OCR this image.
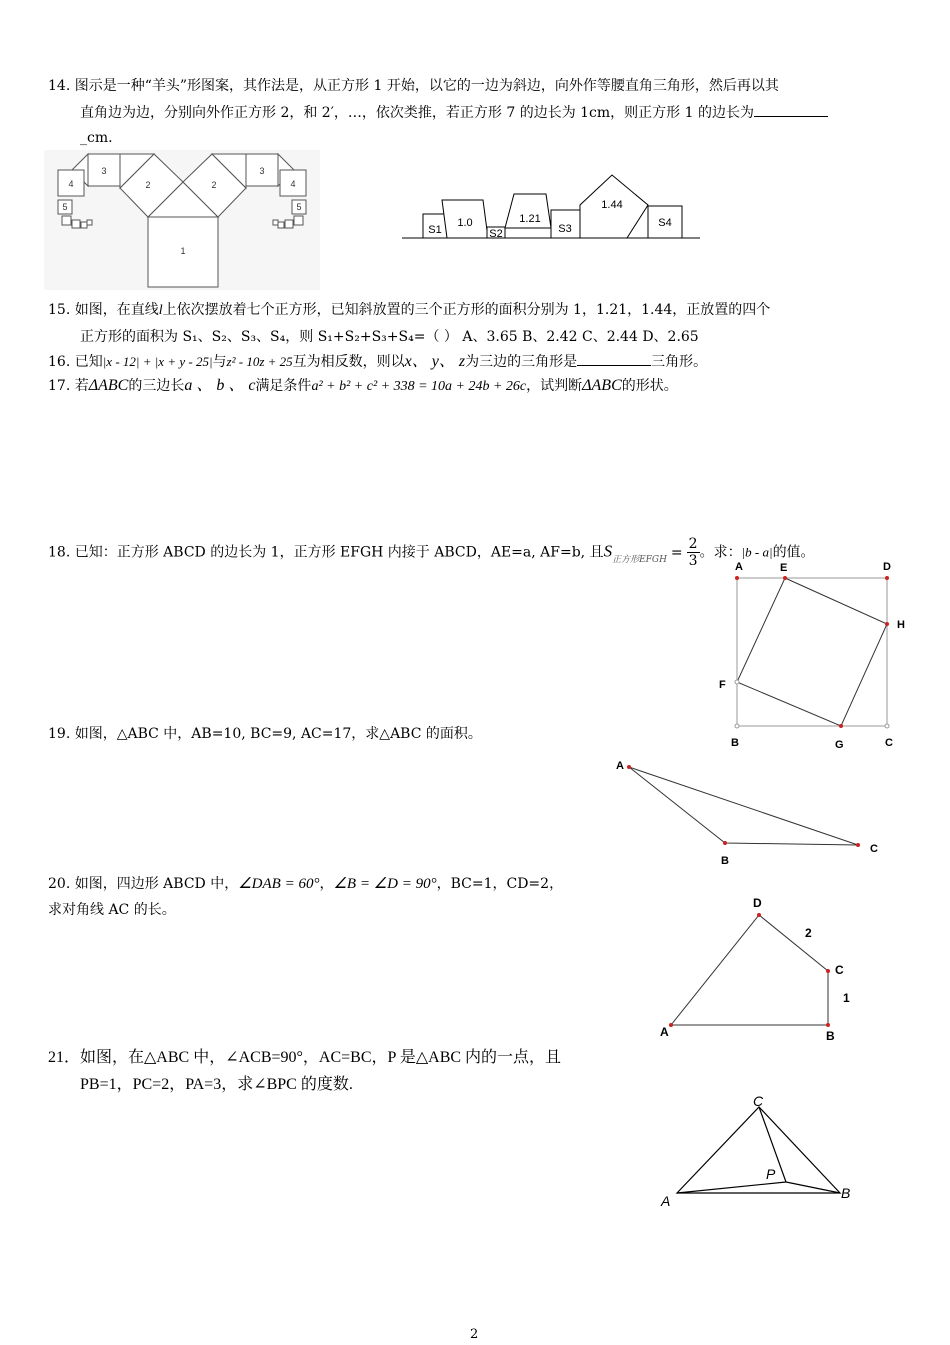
14. 图示是一种“羊头”形图案，其作法是，从正方形 1 开始，以它的一边为斜边，向外作等腰直角三角形，然后再以其
直角边为边，分别向外作正方形 2，和 2′，…，依次类推，若正方形 7 的边长为 1cm，则正方形 1 的边长为
_cm.
1
2	2
3	3
4	4
5	5
S1
1.0
S2
1.21
S3
1.44
S4
15. 如图，在直线l上依次摆放着七个正方形，已知斜放置的三个正方形的面积分别为 1，1.21，1.44，正放置的四个
正方形的面积为 S₁、S₂、S₃、S₄，则 S₁+S₂+S₃+S₄=（ ） A、3.65 B、2.42 C、2.44 D、2.65
16. 已知|x - 12| + |x + y - 25|与z² - 10z + 25互为相反数，则以x、 y、 z为三边的三角形是	三角形。
17. 若ΔABC的三边长a 、 b 、 c满足条件a² + b² + c² + 338 = 10a + 24b + 26c，试判断ΔABC的形状。
18. 已知：正方形 ABCD 的边长为 1，正方形 EFGH 内接于 ABCD，AE=a, AF=b, 且$S_{正方形EFGH} = \frac{2}{3}$ 。求：|b - a|的值。
A	E	D
H
F
B	G	C
19. 如图，△ABC 中，AB=10, BC=9, AC=17，求△ABC 的面积。
A
B
C
20. 如图，四边形 ABCD 中，∠DAB = 60°，∠B = ∠D = 90°，BC=1，CD=2，
求对角线 AC 的长。	D
2
C
1
A	B
21．如图，在△ABC 中，∠ACB=90°，AC=BC，P 是△ABC 内的一点，且
PB=1，PC=2，PA=3，求∠BPC 的度数.
C
P
A	B
2
